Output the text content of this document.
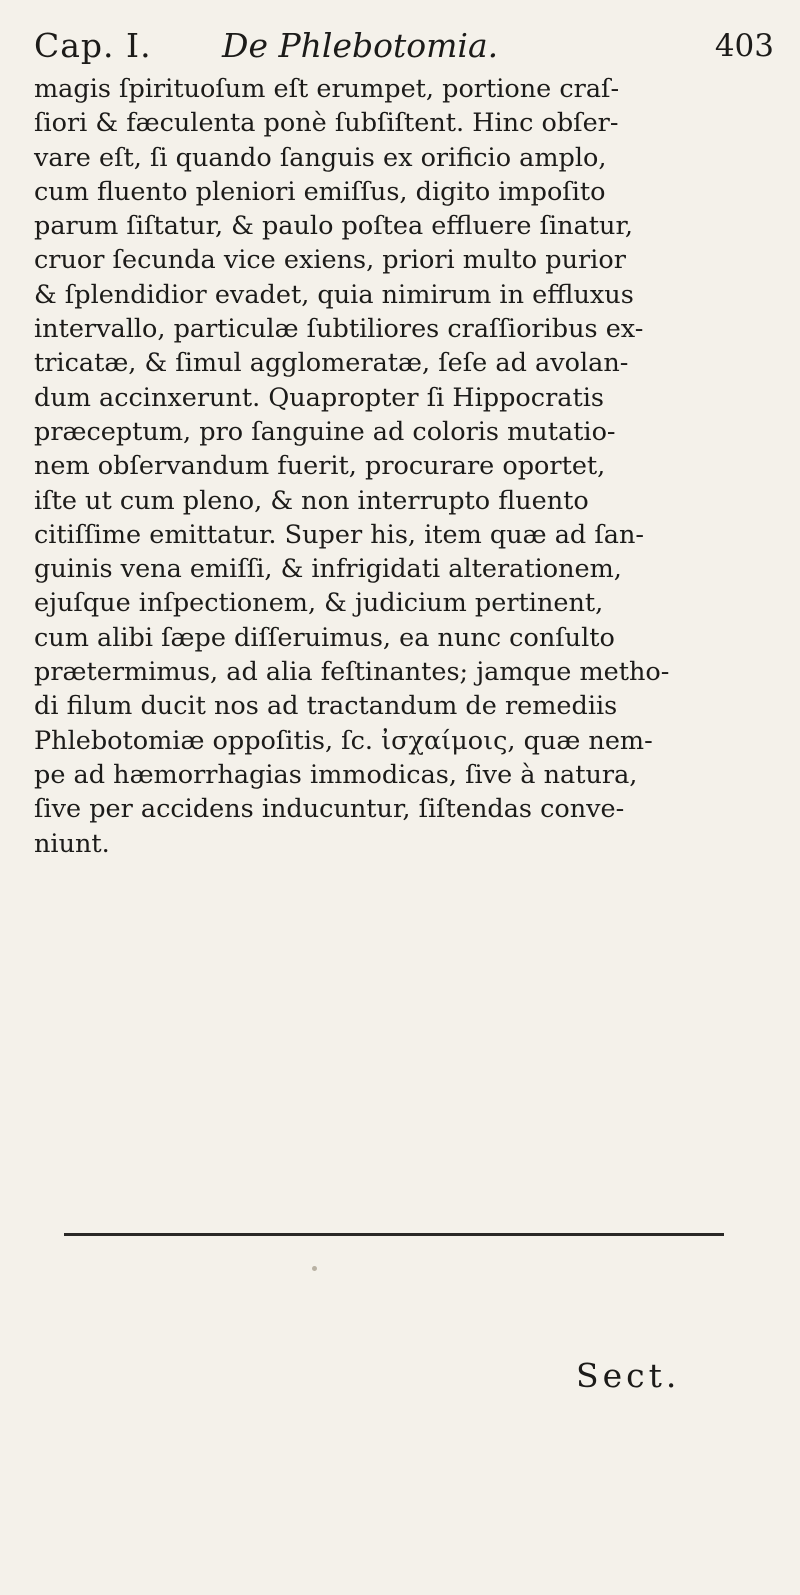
Cap. I. De Phlebotomia.	403
magis ſpirituoſum eſt erumpet, portione craſ-
ſiori & fæculenta ponè ſubſiſtent. Hinc obſer-
vare eſt, ſi quando ſanguis ex orificio amplo,
cum fluento pleniori emiſſus, digito impoſito
parum ſiſtatur, & paulo poſtea effluere ſinatur,
cruor ſecunda vice exiens, priori multo purior
& ſplendidior evadet, quia nimirum in effluxus
intervallo, particulæ ſubtiliores craſſioribus ex-
tricatæ, & ſimul agglomeratæ, ſeſe ad avolan-
dum accinxerunt. Quapropter ſi Hippocratis
præceptum, pro ſanguine ad coloris mutatio-
nem obſervandum fuerit, procurare oportet,
iſte ut cum pleno, & non interrupto fluento
citiſſime emittatur. Super his, item quæ ad ſan-
guinis vena emiſſi, & infrigidati alterationem,
ejuſque inſpectionem, & judicium pertinent,
cum alibi ſæpe diſſeruimus, ea nunc conſulto
prætermimus, ad alia feſtinantes; jamque metho-
di filum ducit nos ad tractandum de remediis
Phlebotomiæ oppoſitis, ſc. ἰσχαίμοις, quæ nem-
pe ad hæmorrhagias immodicas, ſive à natura,
ſive per accidens inducuntur, ſiſtendas conve-
niunt.
Sect.
